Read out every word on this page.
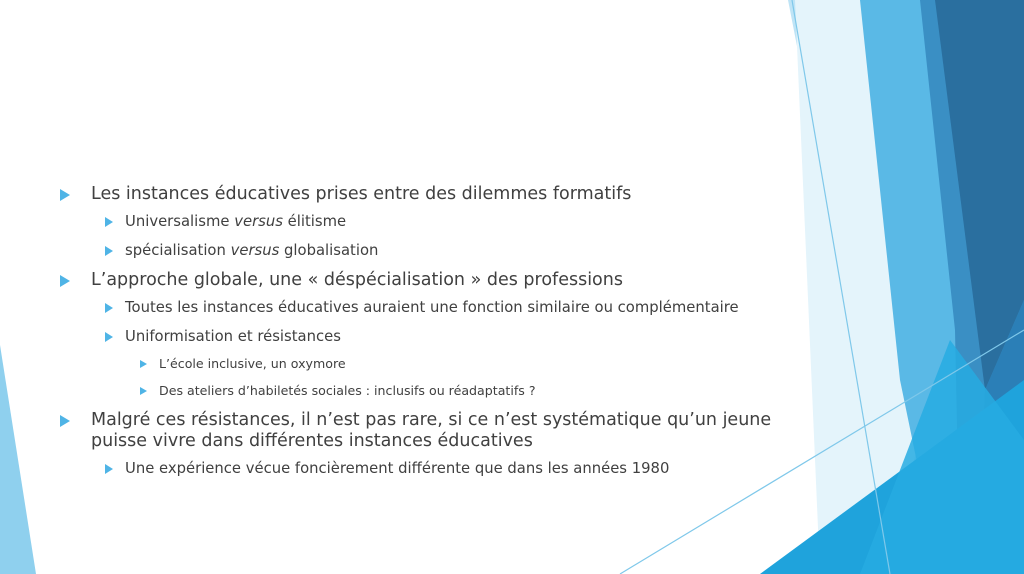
Les instances éducatives prises entre des dilemmes formatifs
Universalisme versus élitisme
spécialisation versus globalisation
L’approche globale, une « déspécialisation » des professions
Toutes les instances éducatives auraient une fonction similaire ou complémentaire
Uniformisation et résistances
L’école inclusive, un oxymore
Des ateliers d’habiletés sociales : inclusifs ou réadaptatifs ?
Malgré ces résistances, il n’est pas rare, si ce n’est systématique qu’un jeune puisse vivre dans différentes instances éducatives
Une expérience vécue foncièrement différente que dans les années 1980
